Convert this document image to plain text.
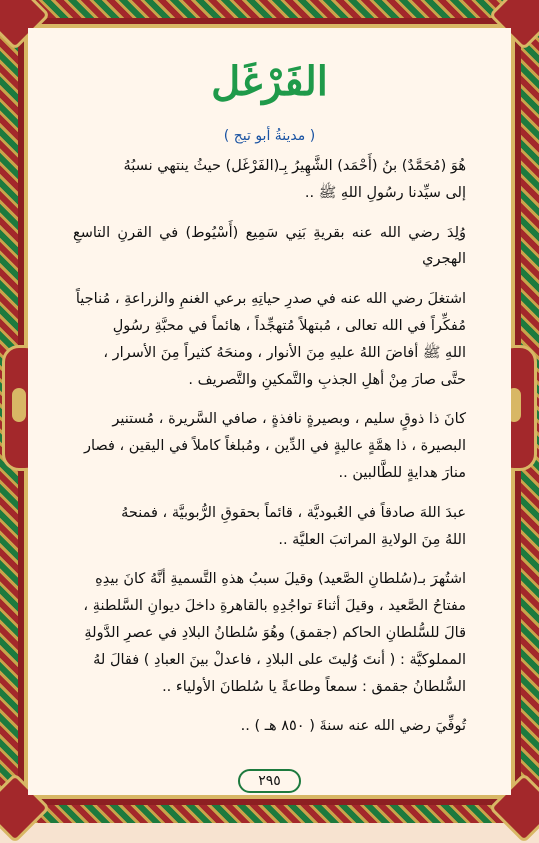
الفَرْغَل
( مدينةُ أبو تيج )
هُوَ (مُحَمَّدٌ) بنُ (أَحْمَد) الشَّهِيرُ بِـ(الفَرْغَل) حيثُ ينتهي نسبُهُ
إلى سيِّدنا رسُولِ اللهِ ﷺ ..
وُلِدَ رضي الله عنه بقريةِ بَنِي سَمِيع (أَسْيُوط) في القرنِ التاسعِ الهجري
اشتغلَ رضي الله عنه في صدرِ حياتِهِ برعي الغنمِ والزراعةِ ، مُناجياً
مُفكِّراً في الله تعالى ، مُبتهلاً مُتهجِّداً ، هائماً في محبَّةِ رسُولِ
اللهِ ﷺ أفاضَ اللهُ عليهِ مِنَ الأنوار ، ومنحَهُ كثيراً مِنَ الأسرار ،
حتَّى صارَ مِنْ أهلِ الجذبِ والتَّمكينِ والتَّصريف .
كانَ ذا ذوقٍ سليم ، وبصيرةٍ نافذةٍ ، صافي السَّريرة ، مُستنير
البصيرة ، ذا همَّةٍ عاليةٍ في الدِّين ، ومُبلغاً كاملاً في اليقين ، فصار
منارَ هدايةٍ للطَّالبين ..
عبدَ اللهَ صادقاً في العُبوديَّة ، قائماً بحقوقِ الرُّبوبيَّة ، فمنحهُ
اللهُ مِنَ الولايةِ المراتبَ العليَّة ..
اشتُهرَ بـ(سُلطانِ الصَّعيد) وقيلَ سببُ هذهِ التَّسميةِ أنَّهُ كانَ بيدِهِ
مفتاحُ الصَّعيد ، وقيلَ أثناءَ تواجُدِهِ بالقاهرةِ داخلَ ديوانِ السَّلطنةِ ،
قالَ للسُّلطانِ الحاكم (جقمق) وهُوَ سُلطانُ البلادِ في عصرِ الدَّولةِ
المملوكيَّة : ( أنتَ وُليتَ على البلادِ ، فاعدلْ بينَ العبادِ ) فقالَ لهُ
السُّلطانُ جقمق : سمعاً وطاعةً يا سُلطانَ الأولياء ..
تُوفِّيَ رضي الله عنه سنةَ ( ٨٥٠ هـ ) ..
٢٩٥
